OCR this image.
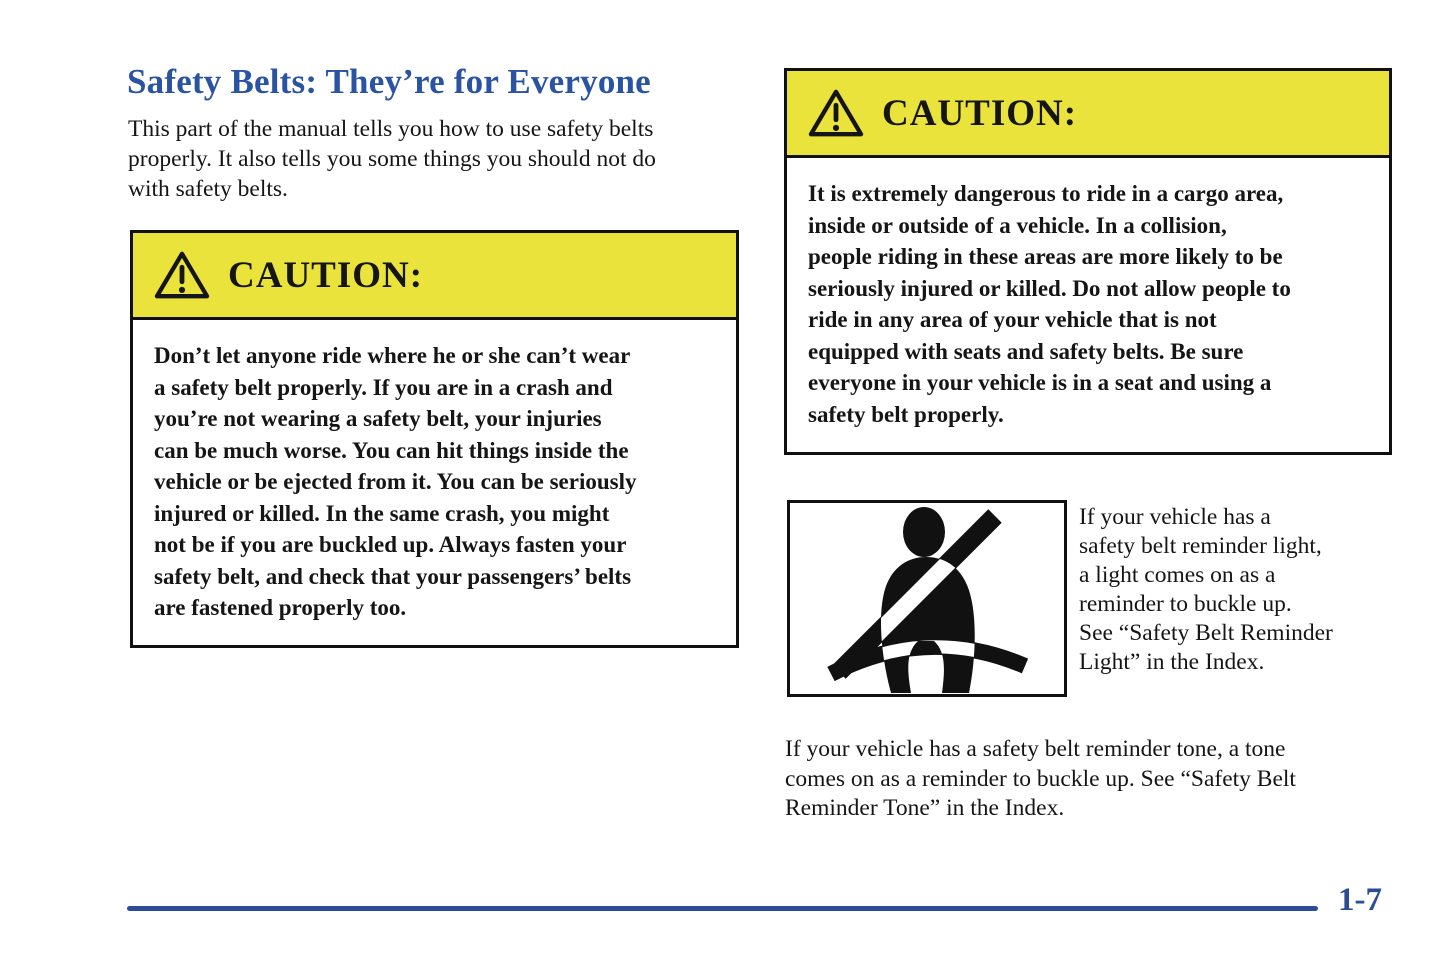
Safety Belts: They’re for Everyone
This part of the manual tells you how to use safety belts
properly. It also tells you some things you should not do
with safety belts.
CAUTION:
Don’t let anyone ride where he or she can’t wear
a safety belt properly. If you are in a crash and
you’re not wearing a safety belt, your injuries
can be much worse. You can hit things inside the
vehicle or be ejected from it. You can be seriously
injured or killed. In the same crash, you might
not be if you are buckled up. Always fasten your
safety belt, and check that your passengers’ belts
are fastened properly too.
CAUTION:
It is extremely dangerous to ride in a cargo area,
inside or outside of a vehicle. In a collision,
people riding in these areas are more likely to be
seriously injured or killed. Do not allow people to
ride in any area of your vehicle that is not
equipped with seats and safety belts. Be sure
everyone in your vehicle is in a seat and using a
safety belt properly.
If your vehicle has a
safety belt reminder light,
a light comes on as a
reminder to buckle up.
See “Safety Belt Reminder
Light” in the Index.
If your vehicle has a safety belt reminder tone, a tone
comes on as a reminder to buckle up. See “Safety Belt
Reminder Tone” in the Index.
1-7
